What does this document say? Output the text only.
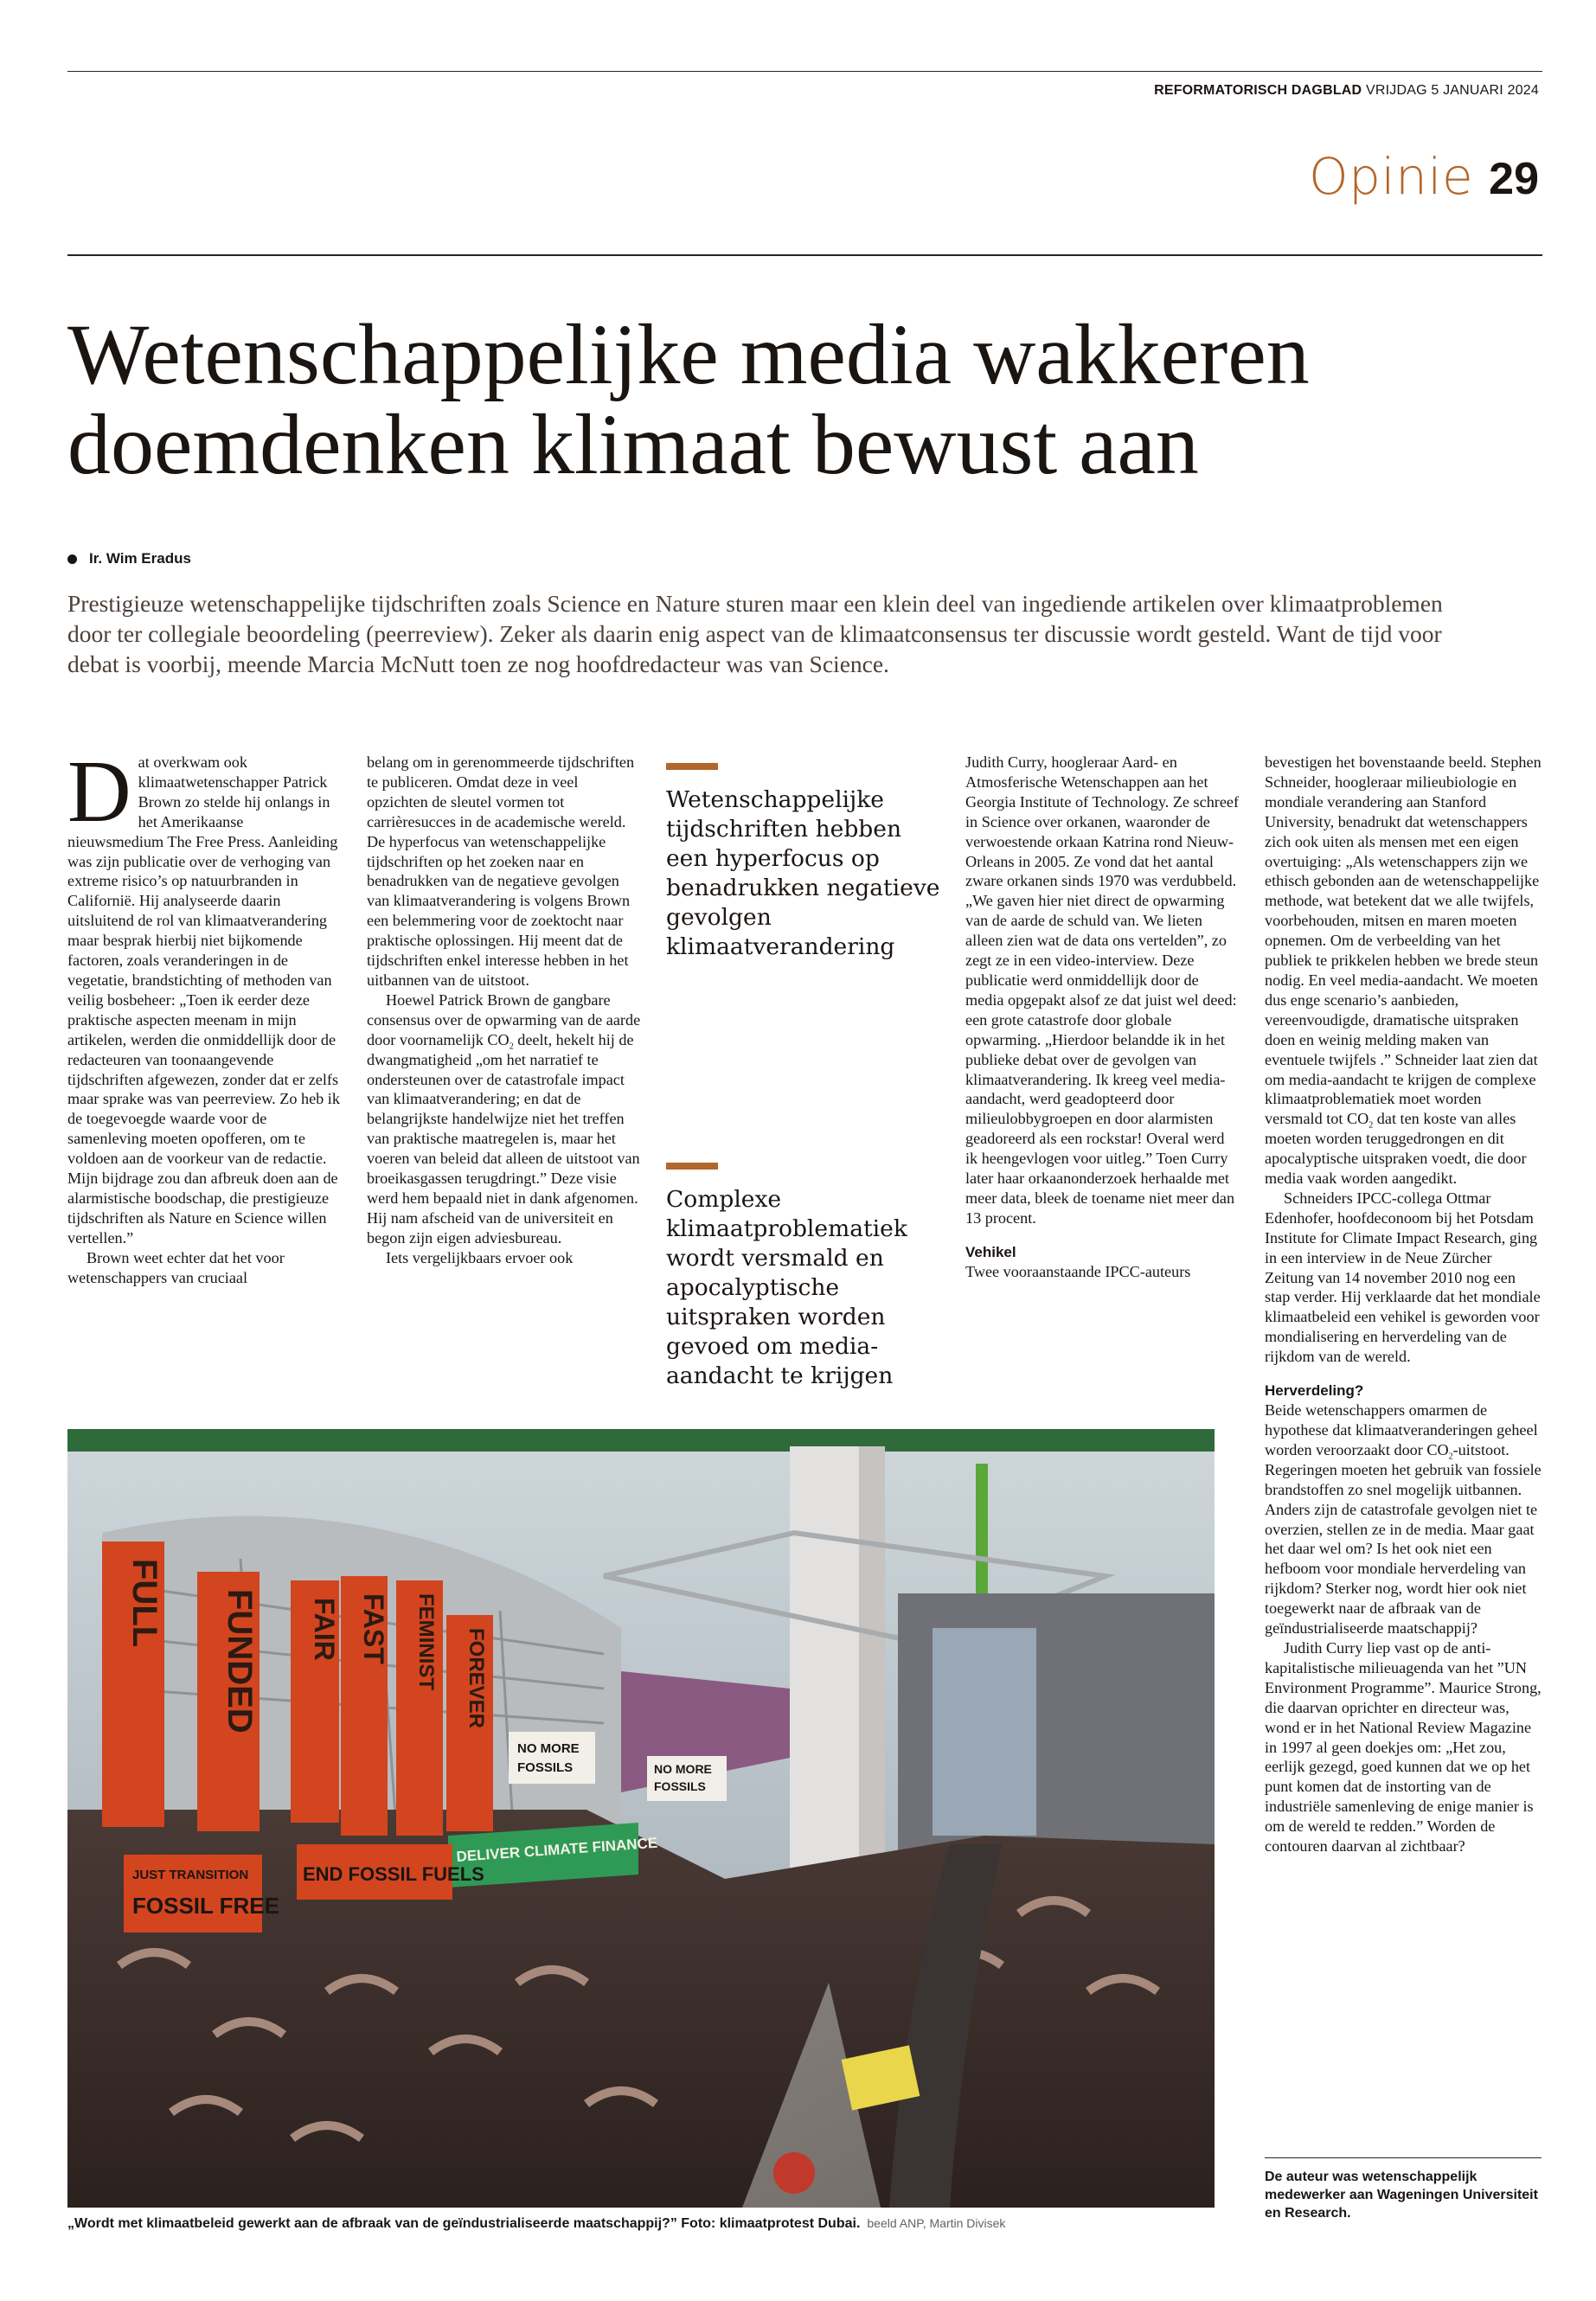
REFORMATORISCH DAGBLAD VRIJDAG 5 JANUARI 2024
Opinie 29
Wetenschappelijke media wakkeren doemdenken klimaat bewust aan
Ir. Wim Eradus

Prestigieuze wetenschappelijke tijdschriften zoals Science en Nature sturen maar een klein deel van ingediende artikelen over klimaatproblemen door ter collegiale beoordeling (peerreview). Zeker als daarin enig aspect van de klimaatconsensus ter discussie wordt gesteld. Want de tijd voor debat is voorbij, meende Marcia McNutt toen ze nog hoofdredacteur was van Science.

Dat overkwam ook klimaatwetenschapper Patrick Brown zo stelde hij onlangs in het Amerikaanse nieuwsmedium The Free Press. Aanleiding was zijn publicatie over de verhoging van extreme risico’s op natuurbranden in Californië. Hij analyseerde daarin uitsluitend de rol van klimaatverandering maar besprak hierbij niet bijkomende factoren, zoals veranderingen in de vegetatie, brandstichting of methoden van veilig bosbeheer: „Toen ik eerder deze praktische aspecten meenam in mijn artikelen, werden die onmiddellijk door de redacteuren van toonaangevende tijdschriften afgewezen, zonder dat er zelfs maar sprake was van peerreview. Zo heb ik de toegevoegde waarde voor de samenleving moeten opofferen, om te voldoen aan de voorkeur van de redactie. Mijn bijdrage zou dan afbreuk doen aan de alarmistische boodschap, die prestigieuze tijdschriften als Nature en Science willen vertellen.”

Brown weet echter dat het voor wetenschappers van cruciaal

belang om in gerenommeerde tijdschriften te publiceren. Omdat deze in veel opzichten de sleutel vormen tot carrièresucces in de academische wereld. De hyperfocus van wetenschappelijke tijdschriften op het zoeken naar en benadrukken van de negatieve gevolgen van klimaatverandering is volgens Brown een belemmering voor de zoektocht naar praktische oplossingen. Hij meent dat de tijdschriften enkel interesse hebben in het uitbannen van de uitstoot.

Hoewel Patrick Brown de gangbare consensus over de opwarming van de aarde door voornamelijk $CO_2$ deelt, hekelt hij de dwangmatigheid „om het narratief te ondersteunen over de catastrofale impact van klimaatverandering; en dat de belangrijkste handelwijze niet het treffen van praktische maatregelen is, maar het voeren van beleid dat alleen de uitstoot van broeikasgassen terugdringt.” Deze visie werd hem bepaald niet in dank afgenomen. Hij nam afscheid van de universiteit en begon zijn eigen adviesbureau.

Iets vergelijkbaars ervoer ook

Wetenschappelijke tijdschriften hebben een hyperfocus op benadrukken negatieve gevolgen klimaatverandering

Complexe klimaatproblematiek wordt versmald en apocalyptische uitspraken worden gevoed om media-aandacht te krijgen

Judith Curry, hoogleraar Aard- en Atmosferische Wetenschappen aan het Georgia Institute of Technology. Ze schreef in Science over orkanen, waaronder de verwoestende orkaan Katrina rond Nieuw-Orleans in 2005. Ze vond dat het aantal zware orkanen sinds 1970 was verdubbeld. „We gaven hier niet direct de opwarming van de aarde de schuld van. We lieten alleen zien wat de data ons vertelden”, zo zegt ze in een video-interview. Deze publicatie werd onmiddellijk door de media opgepakt alsof ze dat juist wel deed: een grote catastrofe door globale opwarming. „Hierdoor belandde ik in het publieke debat over de gevolgen van klimaatverandering. Ik kreeg veel media-aandacht, werd geadopteerd door milieulobbygroepen en door alarmisten geadoreerd als een rockstar! Overal werd ik heengevlogen voor uitleg.” Toen Curry later haar orkaanonderzoek herhaalde met meer data, bleek de toename niet meer dan 13 procent.

Vehikel

Twee vooraanstaande IPCC-auteurs

bevestigen het bovenstaande beeld. Stephen Schneider, hoogleraar milieubiologie en mondiale verandering aan Stanford University, benadrukt dat wetenschappers zich ook uiten als mensen met een eigen overtuiging: „Als wetenschappers zijn we ethisch gebonden aan de wetenschappelijke methode, wat betekent dat we alle twijfels, voorbehouden, mitsen en maren moeten opnemen. Om de verbeelding van het publiek te prikkelen hebben we brede steun nodig. En veel media-aandacht. We moeten dus enge scenario’s aanbieden, vereenvoudigde, dramatische uitspraken doen en weinig melding maken van eventuele twijfels .” Schneider laat zien dat om media-aandacht te krijgen de complexe klimaatproblematiek moet worden versmald tot $CO_2$ dat ten koste van alles moeten worden teruggedrongen en dit apocalyptische uitspraken voedt, die door media vaak worden aangedikt.

Schneiders IPCC-collega Ottmar Edenhofer, hoofdeconoom bij het Potsdam Institute for Climate Impact Research, ging in een interview in de Neue Zürcher Zeitung van 14 november 2010 nog een stap verder. Hij verklaarde dat het mondiale klimaatbeleid een vehikel is geworden voor mondialisering en herverdeling van de rijkdom van de wereld.

Herverdeling?

Beide wetenschappers omarmen de hypothese dat klimaatveranderingen geheel worden veroorzaakt door $CO_2$-uitstoot. Regeringen moeten het gebruik van fossiele brandstoffen zo snel mogelijk uitbannen. Anders zijn de catastrofale gevolgen niet te overzien, stellen ze in de media. Maar gaat het daar wel om? Is het ook niet een hefboom voor mondiale herverdeling van rijkdom? Sterker nog, wordt hier ook niet toegewerkt naar de afbraak van de geïndustrialiseerde maatschappij?

Judith Curry liep vast op de anti-kapitalistische milieuagenda van het ”UN Environment Programme”. Maurice Strong, die daarvan oprichter en directeur was, wond er in het National Review Magazine in 1997 al geen doekjes om: „Het zou, eerlijk gezegd, goed kunnen dat we op het punt komen dat de instorting van de industriële samenleving de enige manier is om de wereld te redden.” Worden de contouren daarvan al zichtbaar?

FULL FUNDED FAIR FAST FEMINIST FOREVER
NO MORE
FOSSILS	NO MORE
FOSSILS
DELIVER CLIMATE FINANCE
END FOSSIL FUELS
JUST TRANSITION
FOSSIL FREE
„Wordt met klimaatbeleid gewerkt aan de afbraak van de geïndustrialiseerde maatschappij?” Foto: klimaatprotest Dubai. beeld ANP, Martin Divisek
De auteur was wetenschappelijk medewerker aan Wageningen Universiteit en Research.
